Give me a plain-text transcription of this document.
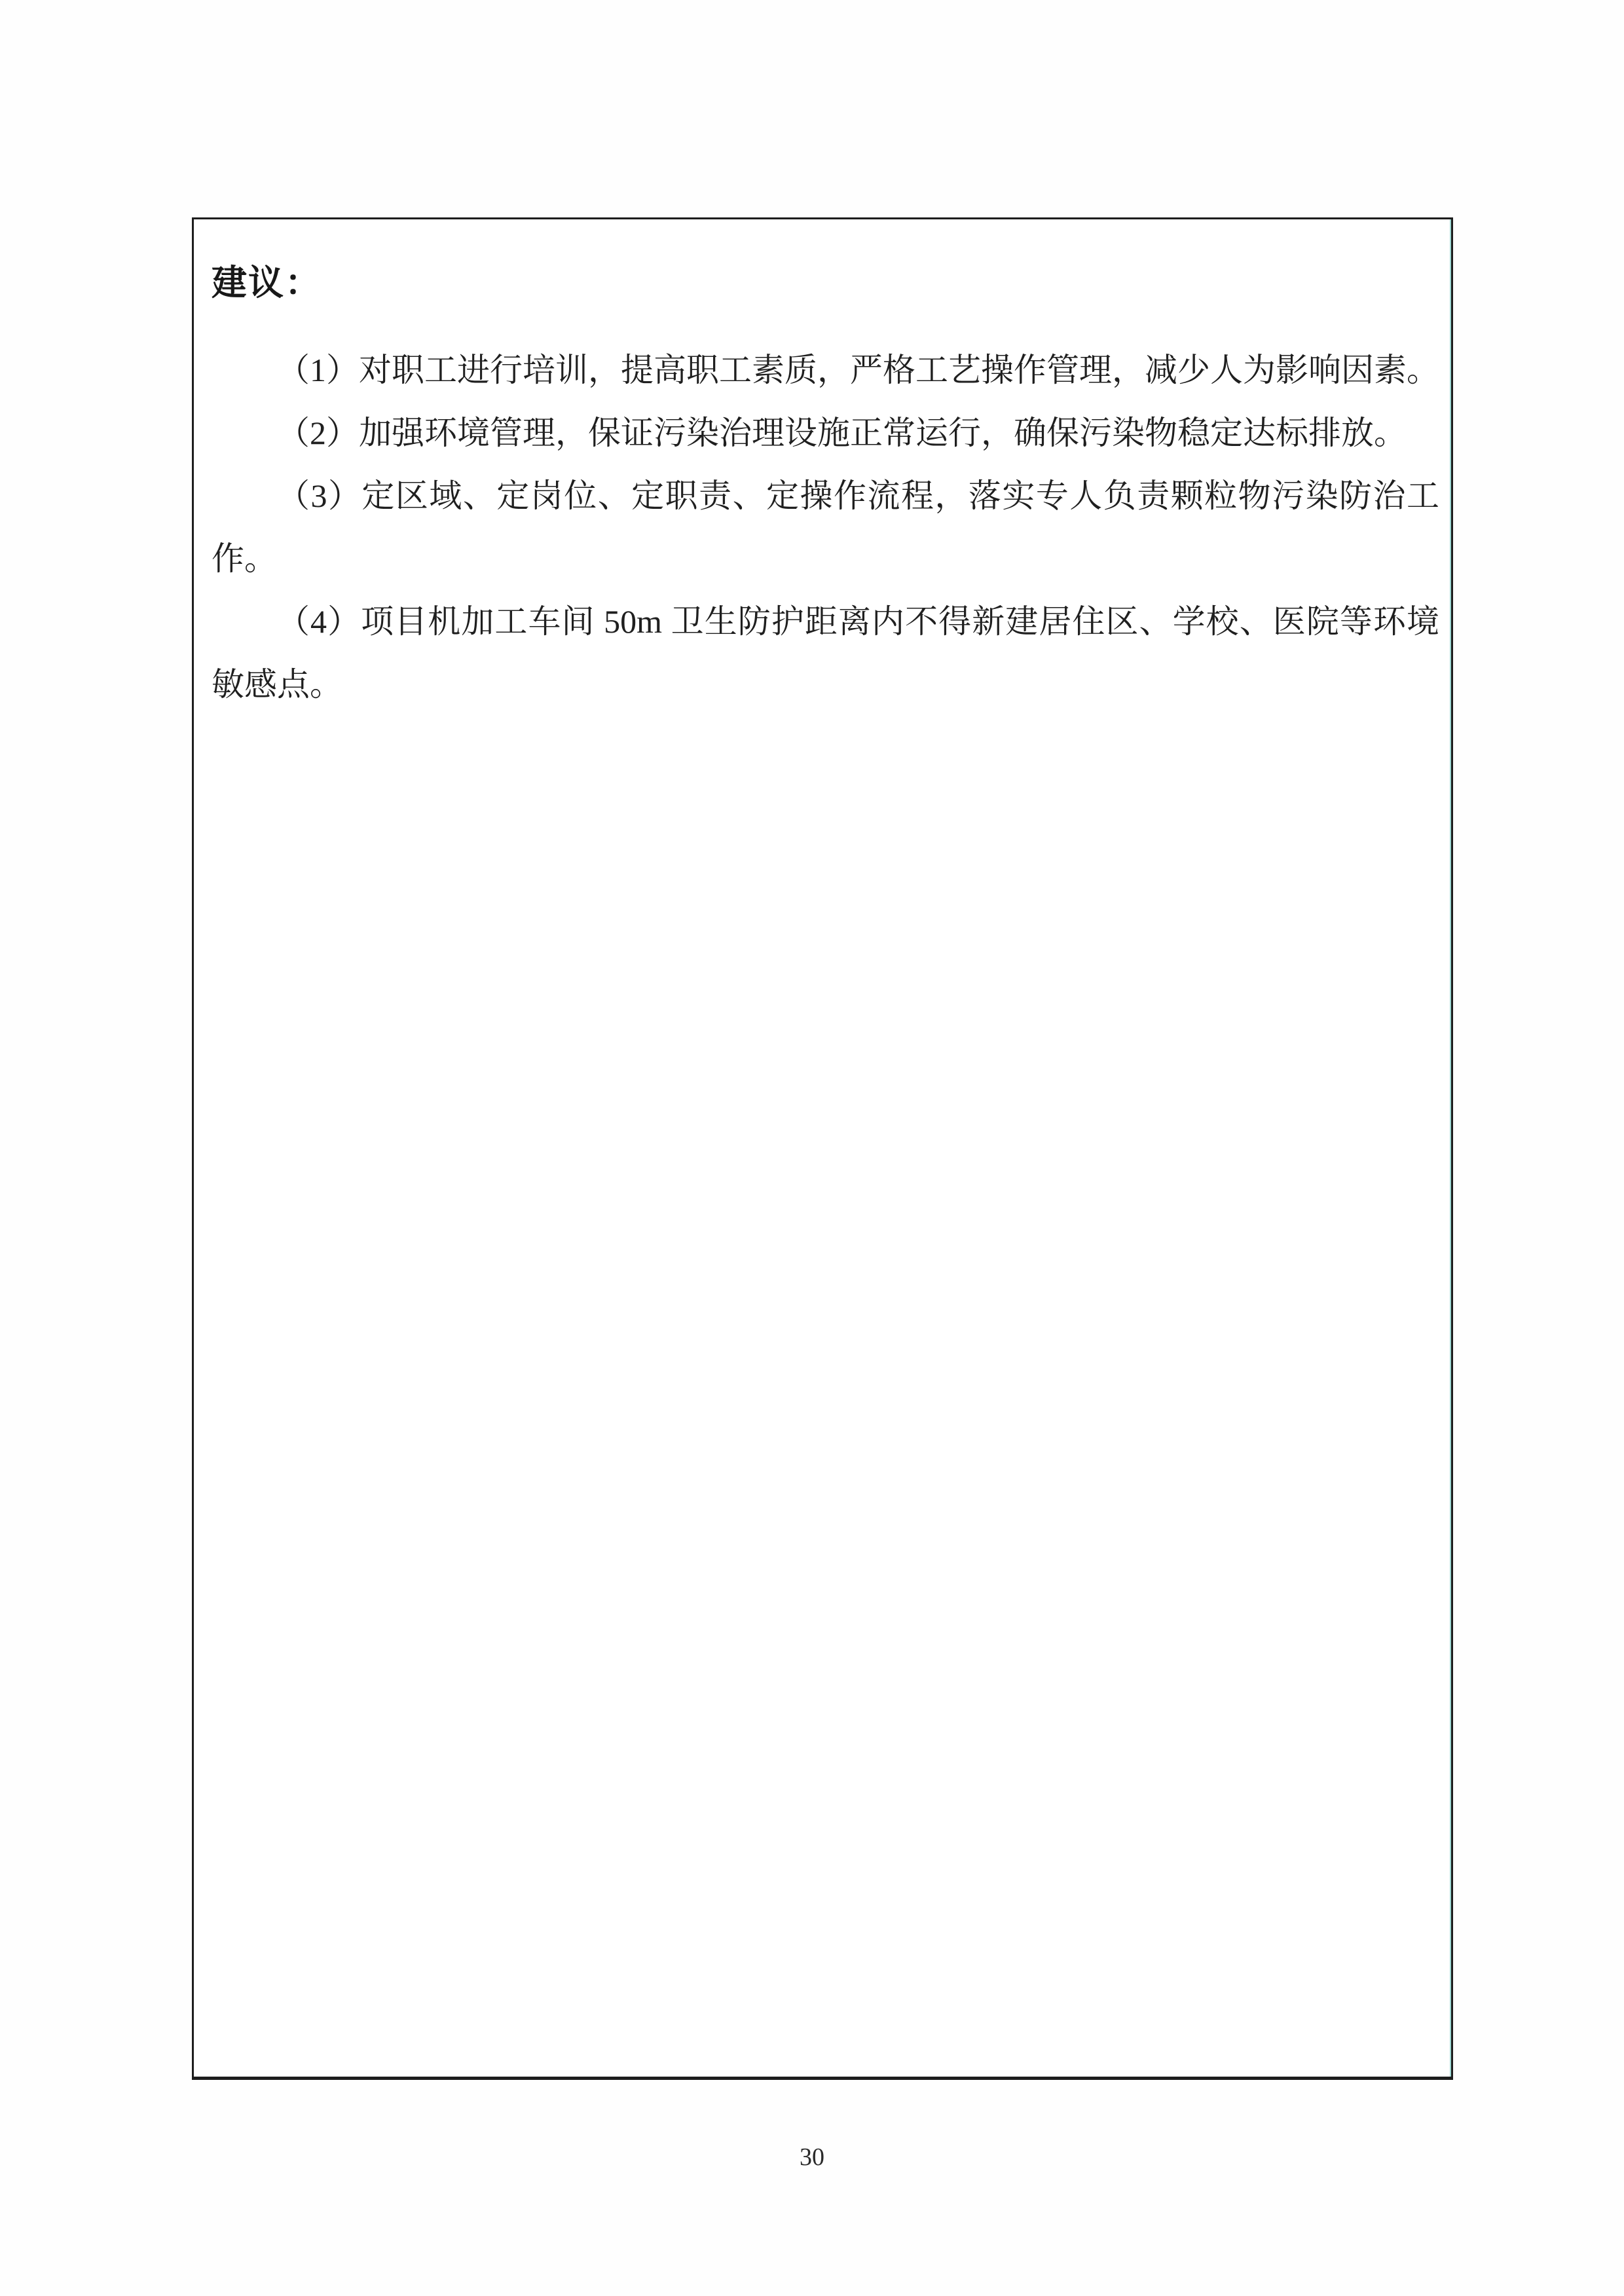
建议：

（1）对职工进行培训，提高职工素质，严格工艺操作管理，减少人为影响因素。

（2）加强环境管理，保证污染治理设施正常运行，确保污染物稳定达标排放。

（3）定区域、定岗位、定职责、定操作流程，落实专人负责颗粒物污染防治工作。

（4）项目机加工车间 50m 卫生防护距离内不得新建居住区、学校、医院等环境敏感点。

30
